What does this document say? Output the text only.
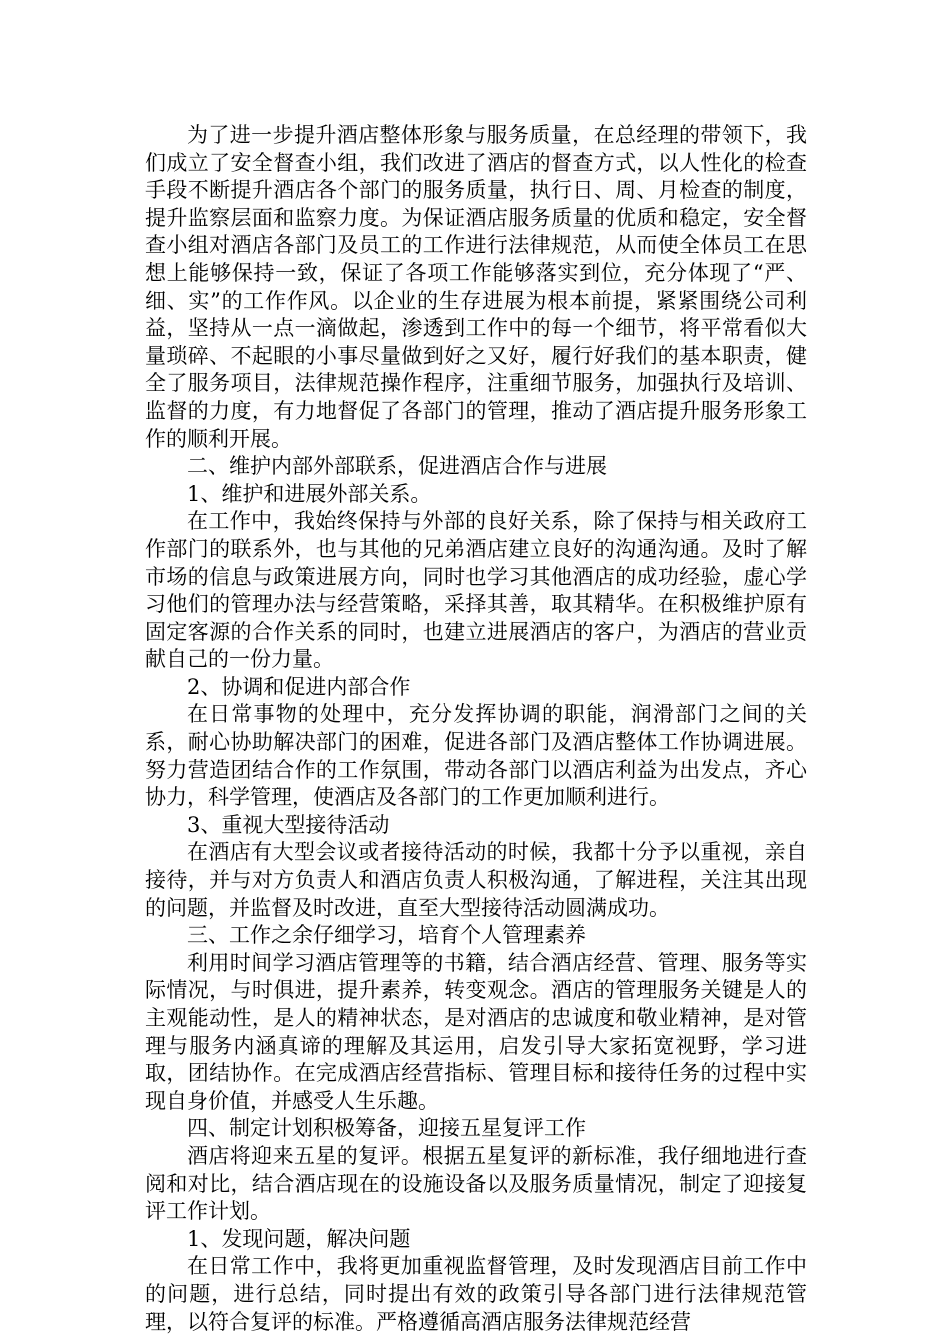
为了进一步提升酒店整体形象与服务质量，在总经理的带领下，我们成立了安全督查小组，我们改进了酒店的督查方式，以人性化的检查手段不断提升酒店各个部门的服务质量，执行日、周、月检查的制度，提升监察层面和监察力度。为保证酒店服务质量的优质和稳定，安全督查小组对酒店各部门及员工的工作进行法律规范，从而使全体员工在思想上能够保持一致，保证了各项工作能够落实到位，充分体现了“严、细、实”的工作作风。以企业的生存进展为根本前提，紧紧围绕公司利益，坚持从一点一滴做起，渗透到工作中的每一个细节，将平常看似大量琐碎、不起眼的小事尽量做到好之又好，履行好我们的基本职责，健全了服务项目，法律规范操作程序，注重细节服务，加强执行及培训、监督的力度，有力地督促了各部门的管理，推动了酒店提升服务形象工作的顺利开展。

二、维护内部外部联系，促进酒店合作与进展

1、维护和进展外部关系。

在工作中，我始终保持与外部的良好关系，除了保持与相关政府工作部门的联系外，也与其他的兄弟酒店建立良好的沟通沟通。及时了解市场的信息与政策进展方向，同时也学习其他酒店的成功经验，虚心学习他们的管理办法与经营策略，采择其善，取其精华。在积极维护原有固定客源的合作关系的同时，也建立进展酒店的客户，为酒店的营业贡献自己的一份力量。

2、协调和促进内部合作

在日常事物的处理中，充分发挥协调的职能，润滑部门之间的关系，耐心协助解决部门的困难，促进各部门及酒店整体工作协调进展。努力营造团结合作的工作氛围，带动各部门以酒店利益为出发点，齐心协力，科学管理，使酒店及各部门的工作更加顺利进行。

3、重视大型接待活动

在酒店有大型会议或者接待活动的时候，我都十分予以重视，亲自接待，并与对方负责人和酒店负责人积极沟通，了解进程，关注其出现的问题，并监督及时改进，直至大型接待活动圆满成功。

三、工作之余仔细学习，培育个人管理素养

利用时间学习酒店管理等的书籍，结合酒店经营、管理、服务等实际情况，与时俱进，提升素养，转变观念。酒店的管理服务关键是人的主观能动性，是人的精神状态，是对酒店的忠诚度和敬业精神，是对管理与服务内涵真谛的理解及其运用，启发引导大家拓宽视野，学习进取，团结协作。在完成酒店经营指标、管理目标和接待任务的过程中实现自身价值，并感受人生乐趣。

四、制定计划积极筹备，迎接五星复评工作

酒店将迎来五星的复评。根据五星复评的新标准，我仔细地进行查阅和对比，结合酒店现在的设施设备以及服务质量情况，制定了迎接复评工作计划。

1、发现问题，解决问题

在日常工作中，我将更加重视监督管理，及时发现酒店目前工作中的问题，进行总结，同时提出有效的政策引导各部门进行法律规范管理，以符合复评的标准。严格遵循高酒店服务法律规范经营
